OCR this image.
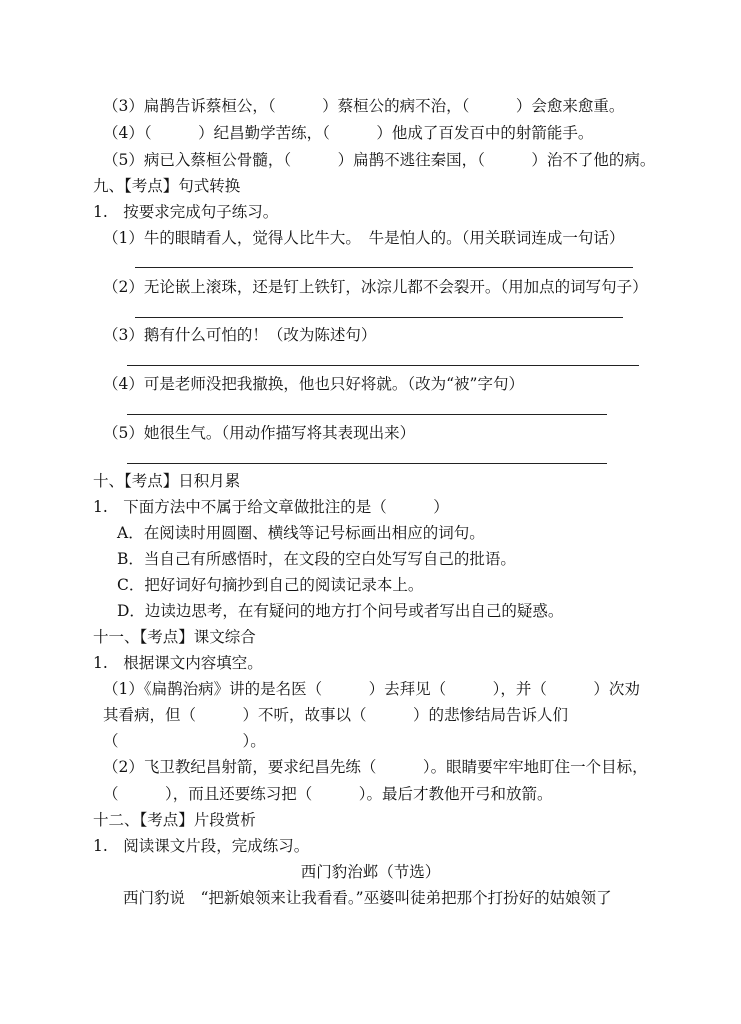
（3）扁鹊告诉蔡桓公，（　　　）蔡桓公的病不治，（　　　）会愈来愈重。
（4）（　　　）纪昌勤学苦练，（　　　）他成了百发百中的射箭能手。
（5）病已入蔡桓公骨髓，（　　　）扁鹊不逃往秦国，（　　　）治不了他的病。
九、【考点】句式转换
1.　按要求完成句子练习。
（1）牛的眼睛看人，觉得人比牛大。　牛是怕人的。（用关联词连成一句话）
（2）无论嵌上滚珠，还是钉上铁钉，冰淙儿都不会裂开。（用加点的词写句子）
（3）鹅有什么可怕的！（改为陈述句）
（4）可是老师没把我撤换，他也只好将就。（改为“被”字句）
（5）她很生气。（用动作描写将其表现出来）
十、【考点】日积月累
1.　下面方法中不属于给文章做批注的是（　　　）
A．在阅读时用圆圈、横线等记号标画出相应的词句。
B．当自己有所感悟时，在文段的空白处写写自己的批语。
C．把好词好句摘抄到自己的阅读记录本上。
D．边读边思考，在有疑问的地方打个问号或者写出自己的疑惑。
十一、【考点】课文综合
1.　根据课文内容填空。
（1）《扁鹊治病》讲的是名医（　　　）去拜见（　　　），并（　　　）次劝
其看病，但（　　　）不听，故事以（　　　）的悲惨结局告诉人们
（　　　　　　　　）。
（2）飞卫教纪昌射箭，要求纪昌先练（　　　）。眼睛要牢牢地盯住一个目标，
（　　　），而且还要练习把（　　　）。最后才教他开弓和放箭。
十二、【考点】片段赏析
1.　阅读课文片段，完成练习。
西门豹治邺（节选）
西门豹说　“把新娘领来让我看看。”巫婆叫徒弟把那个打扮好的姑娘领了
